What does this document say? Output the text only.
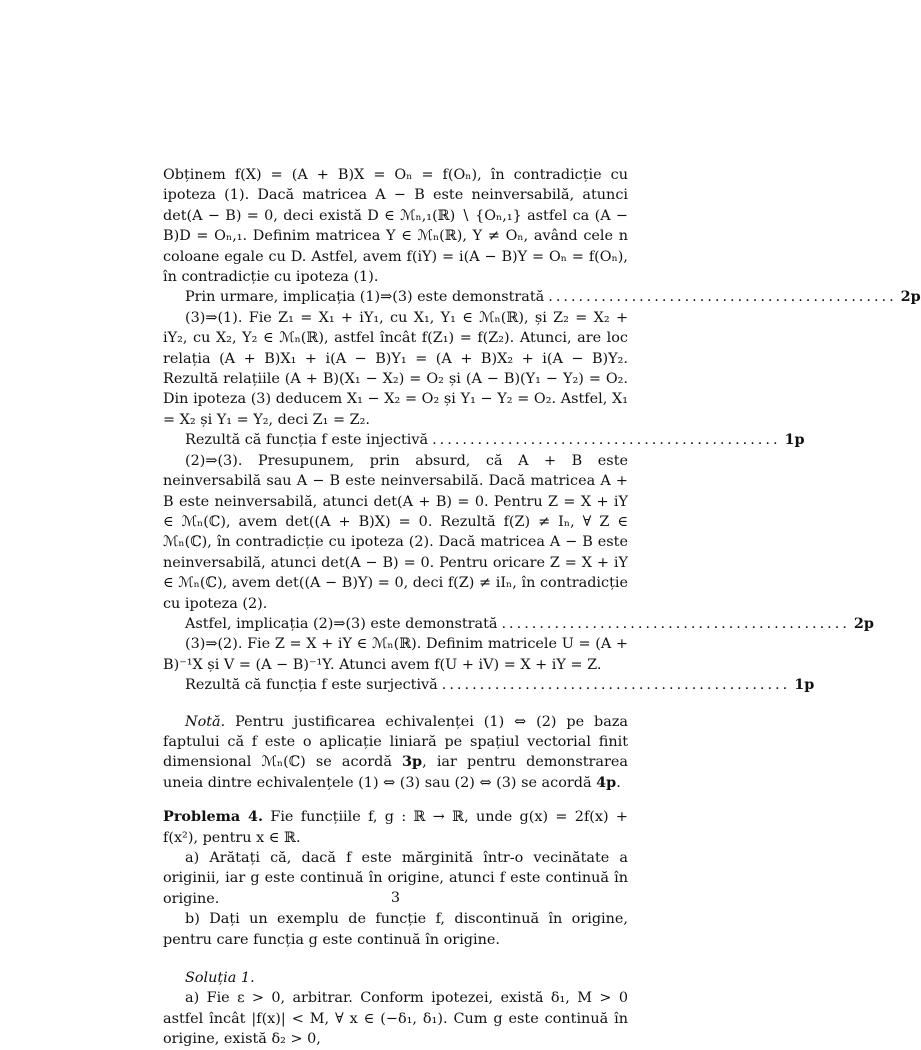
Obținem f(X) = (A + B)X = Oₙ = f(Oₙ), în contradicție cu ipoteza (1). Dacă matricea A − B este neinversabilă, atunci det(A − B) = 0, deci există D ∈ ℳₙ,₁(ℝ) ∖ {Oₙ,₁} astfel ca (A − B)D = Oₙ,₁. Definim matricea Y ∈ ℳₙ(ℝ), Y ≠ Oₙ, având cele n coloane egale cu D. Astfel, avem f(iY) = i(A − B)Y = Oₙ = f(Oₙ), în contradicție cu ipoteza (1).

Prin urmare, implicația (1)⇒(3) este demonstrată .............................................. 2p

(3)⇒(1). Fie Z₁ = X₁ + iY₁, cu X₁, Y₁ ∈ ℳₙ(ℝ), și Z₂ = X₂ + iY₂, cu X₂, Y₂ ∈ ℳₙ(ℝ), astfel încât f(Z₁) = f(Z₂). Atunci, are loc relația (A + B)X₁ + i(A − B)Y₁ = (A + B)X₂ + i(A − B)Y₂. Rezultă relațiile (A + B)(X₁ − X₂) = O₂ și (A − B)(Y₁ − Y₂) = O₂. Din ipoteza (3) deducem X₁ − X₂ = O₂ și Y₁ − Y₂ = O₂. Astfel, X₁ = X₂ și Y₁ = Y₂, deci Z₁ = Z₂.

Rezultă că funcția f este injectivă .............................................. 1p

(2)⇒(3). Presupunem, prin absurd, că A + B este neinversabilă sau A − B este neinversabilă. Dacă matricea A + B este neinversabilă, atunci det(A + B) = 0. Pentru Z = X + iY ∈ ℳₙ(ℂ), avem det((A + B)X) = 0. Rezultă f(Z) ≠ Iₙ, ∀ Z ∈ ℳₙ(ℂ), în contradicție cu ipoteza (2). Dacă matricea A − B este neinversabilă, atunci det(A − B) = 0. Pentru oricare Z = X + iY ∈ ℳₙ(ℂ), avem det((A − B)Y) = 0, deci f(Z) ≠ iIₙ, în contradicție cu ipoteza (2).

Astfel, implicația (2)⇒(3) este demonstrată .............................................. 2p

(3)⇒(2). Fie Z = X + iY ∈ ℳₙ(ℝ). Definim matricele U = (A + B)⁻¹X și V = (A − B)⁻¹Y. Atunci avem f(U + iV) = X + iY = Z.

Rezultă că funcția f este surjectivă .............................................. 1p

Notă. Pentru justificarea echivalenței (1) ⇔ (2) pe baza faptului că f este o aplicație liniară pe spațiul vectorial finit dimensional ℳₙ(ℂ) se acordă 3p, iar pentru demonstrarea uneia dintre echivalențele (1) ⇔ (3) sau (2) ⇔ (3) se acordă 4p.

Problema 4. Fie funcțiile f, g : ℝ → ℝ, unde g(x) = 2f(x) + f(x²), pentru x ∈ ℝ.

a) Arătați că, dacă f este mărginită într-o vecinătate a originii, iar g este continuă în origine, atunci f este continuă în origine.

b) Dați un exemplu de funcție f, discontinuă în origine, pentru care funcția g este continuă în origine.

Soluția 1.

a) Fie ε > 0, arbitrar. Conform ipotezei, există δ₁, M > 0 astfel încât |f(x)| < M, ∀ x ∈ (−δ₁, δ₁). Cum g este continuă în origine, există δ₂ > 0,

3
